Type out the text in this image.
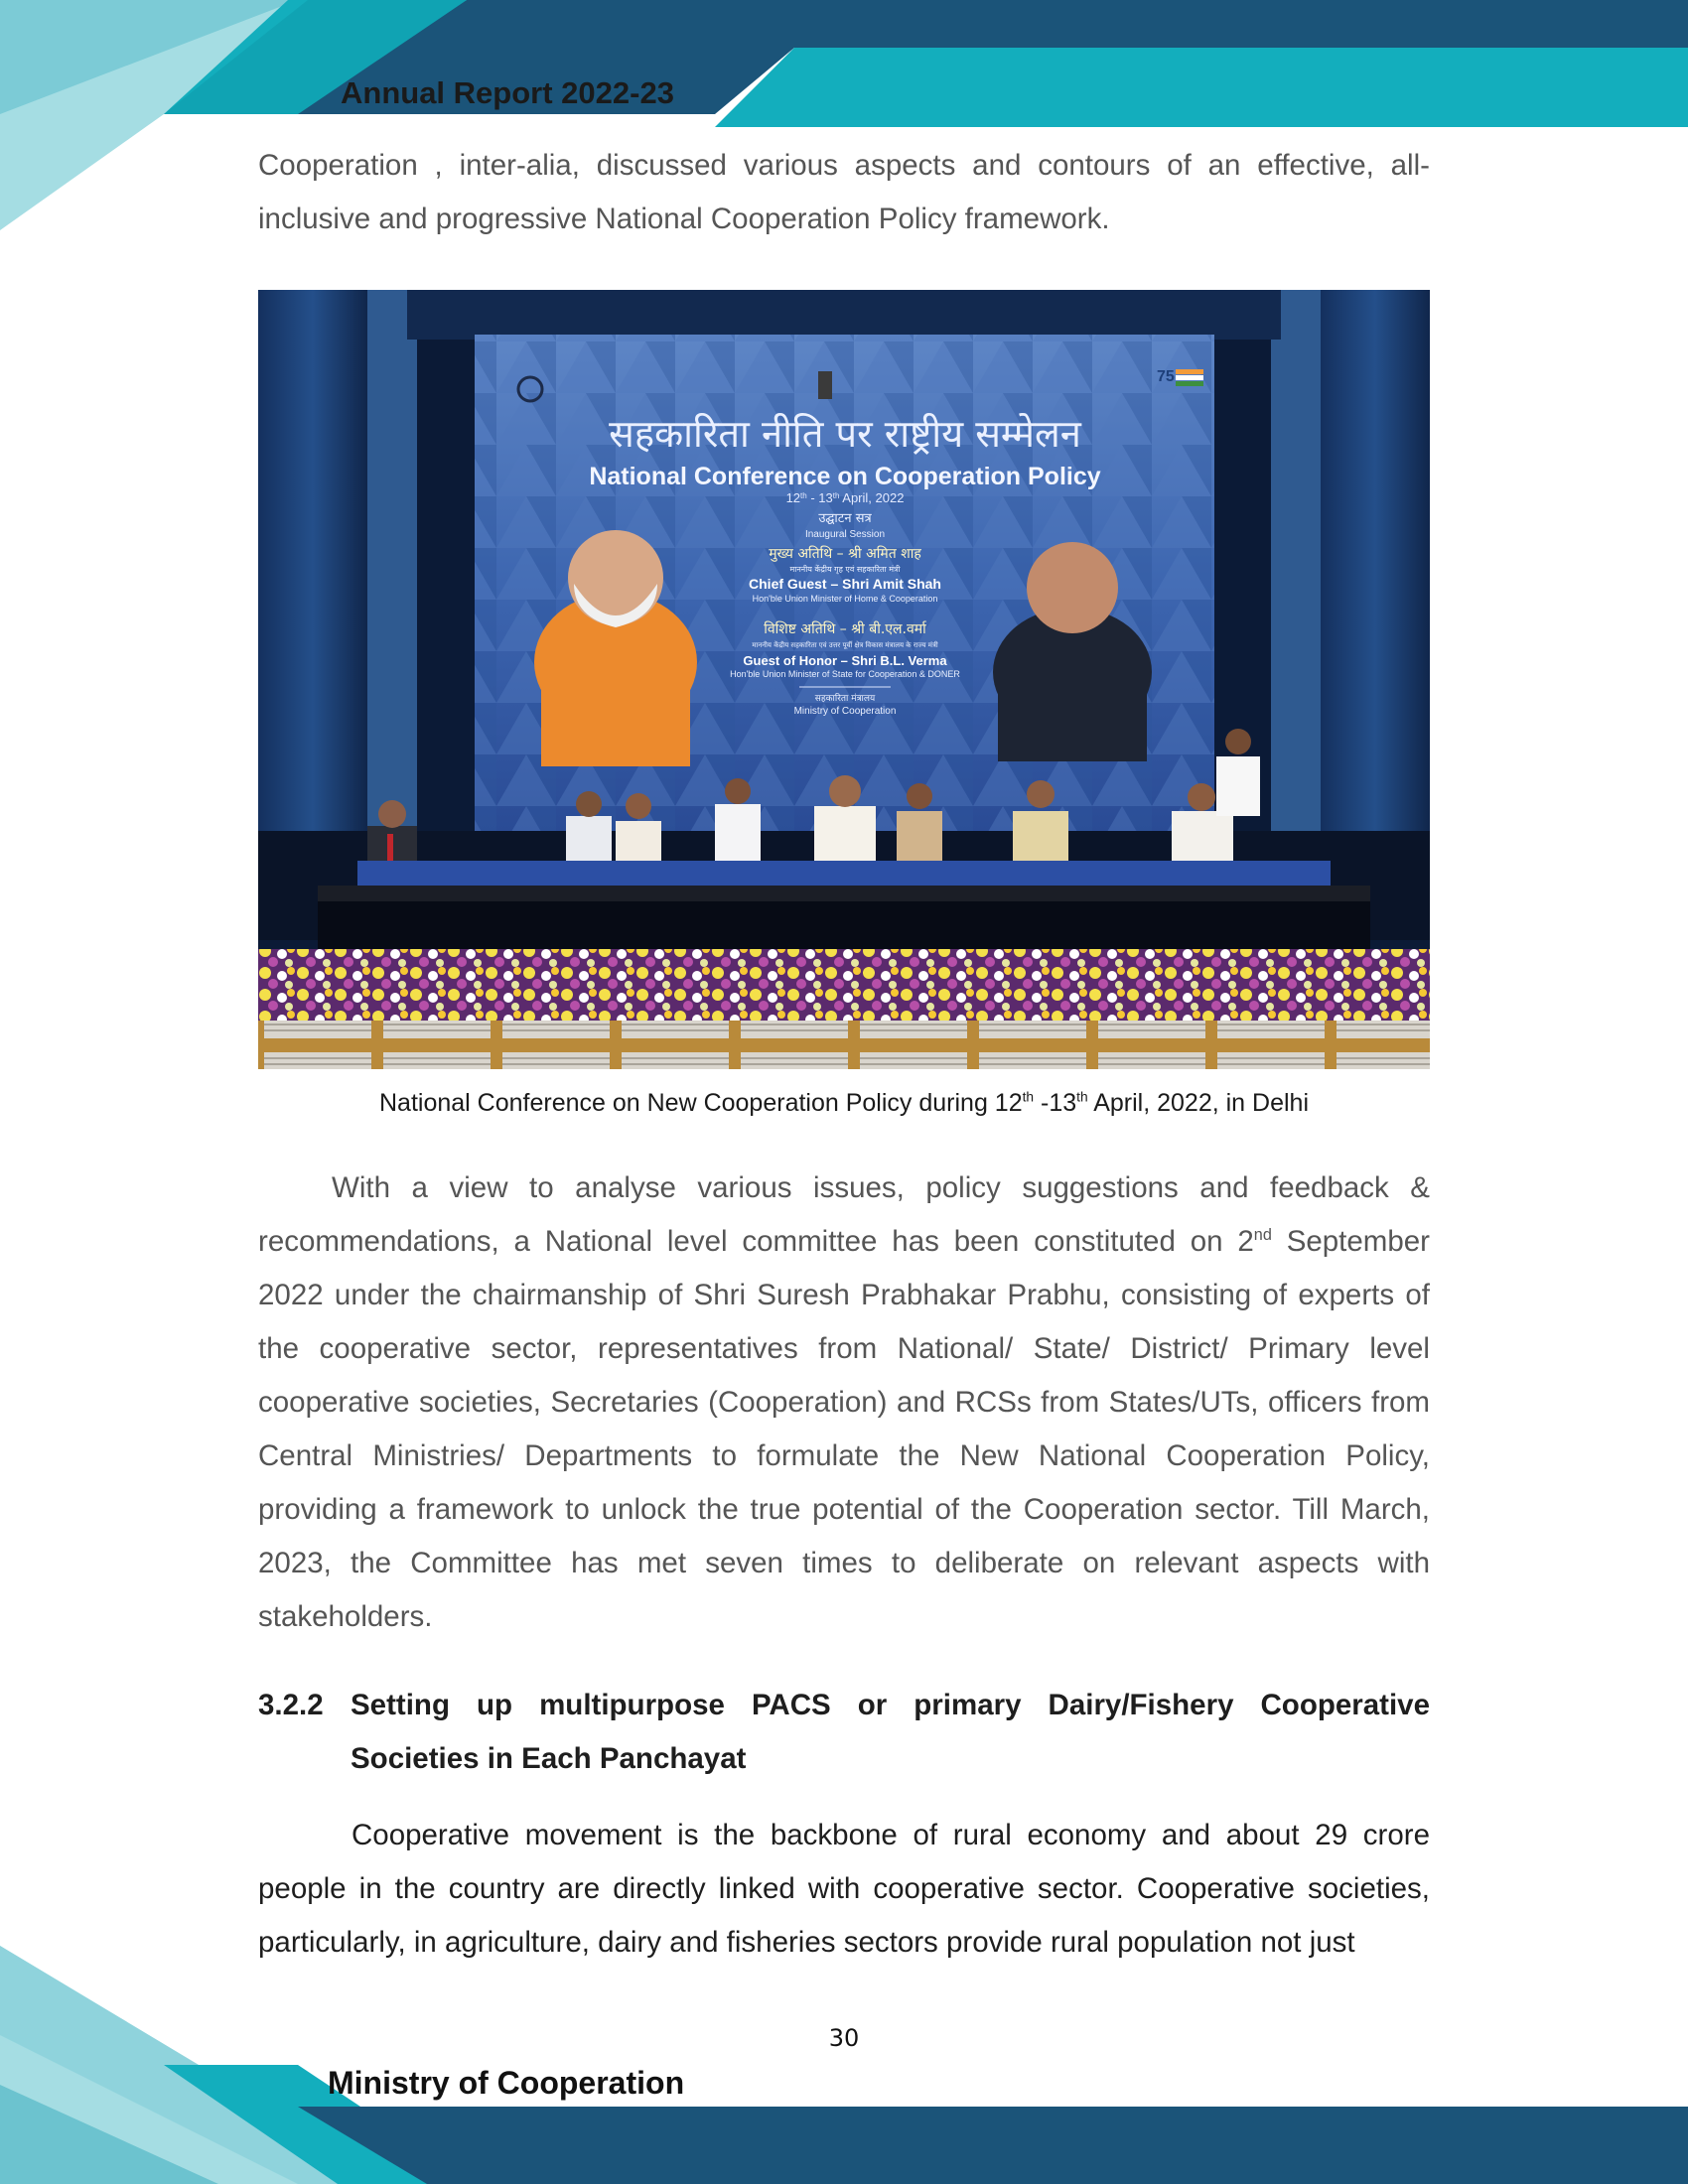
Annual Report 2022-23

Cooperation , inter-alia, discussed various aspects and contours of an effective, all-inclusive and progressive National Cooperation Policy framework.

75
सहकारिता नीति पर राष्ट्रीय सम्मेलन
National Conference on Cooperation Policy
12th - 13th April, 2022
उद्घाटन सत्र
Inaugural Session
मुख्य अतिथि – श्री अमित शाह
माननीय केंद्रीय गृह एवं सहकारिता मंत्री
Chief Guest – Shri Amit Shah
Hon'ble Union Minister of Home & Cooperation
विशिष्ट अतिथि – श्री बी.एल.वर्मा
माननीय केंद्रीय सहकारिता एवं उत्तर पूर्वी क्षेत्र विकास मंत्रालय के राज्य मंत्री
Guest of Honor – Shri B.L. Verma
Hon'ble Union Minister of State for Cooperation & DONER
सहकारिता मंत्रालय
Ministry of Cooperation

National Conference on New Cooperation Policy during 12th -13th April, 2022, in Delhi

With a view to analyse various issues, policy suggestions and feedback & recommendations, a National level committee has been constituted on 2nd September 2022 under the chairmanship of Shri Suresh Prabhakar Prabhu, consisting of experts of the cooperative sector, representatives from National/ State/ District/ Primary level cooperative societies, Secretaries (Cooperation) and RCSs from States/UTs, officers from Central Ministries/ Departments to formulate the New National Cooperation Policy, providing a framework to unlock the true potential of the Cooperation sector. Till March, 2023, the Committee has met seven times to deliberate on relevant aspects with stakeholders.

3.2.2 Setting up multipurpose PACS or primary Dairy/Fishery Cooperative Societies in Each Panchayat

Cooperative movement is the backbone of rural economy and about 29 crore people in the country are directly linked with cooperative sector. Cooperative societies, particularly, in agriculture, dairy and fisheries sectors provide rural population not just

30
Ministry of Cooperation
